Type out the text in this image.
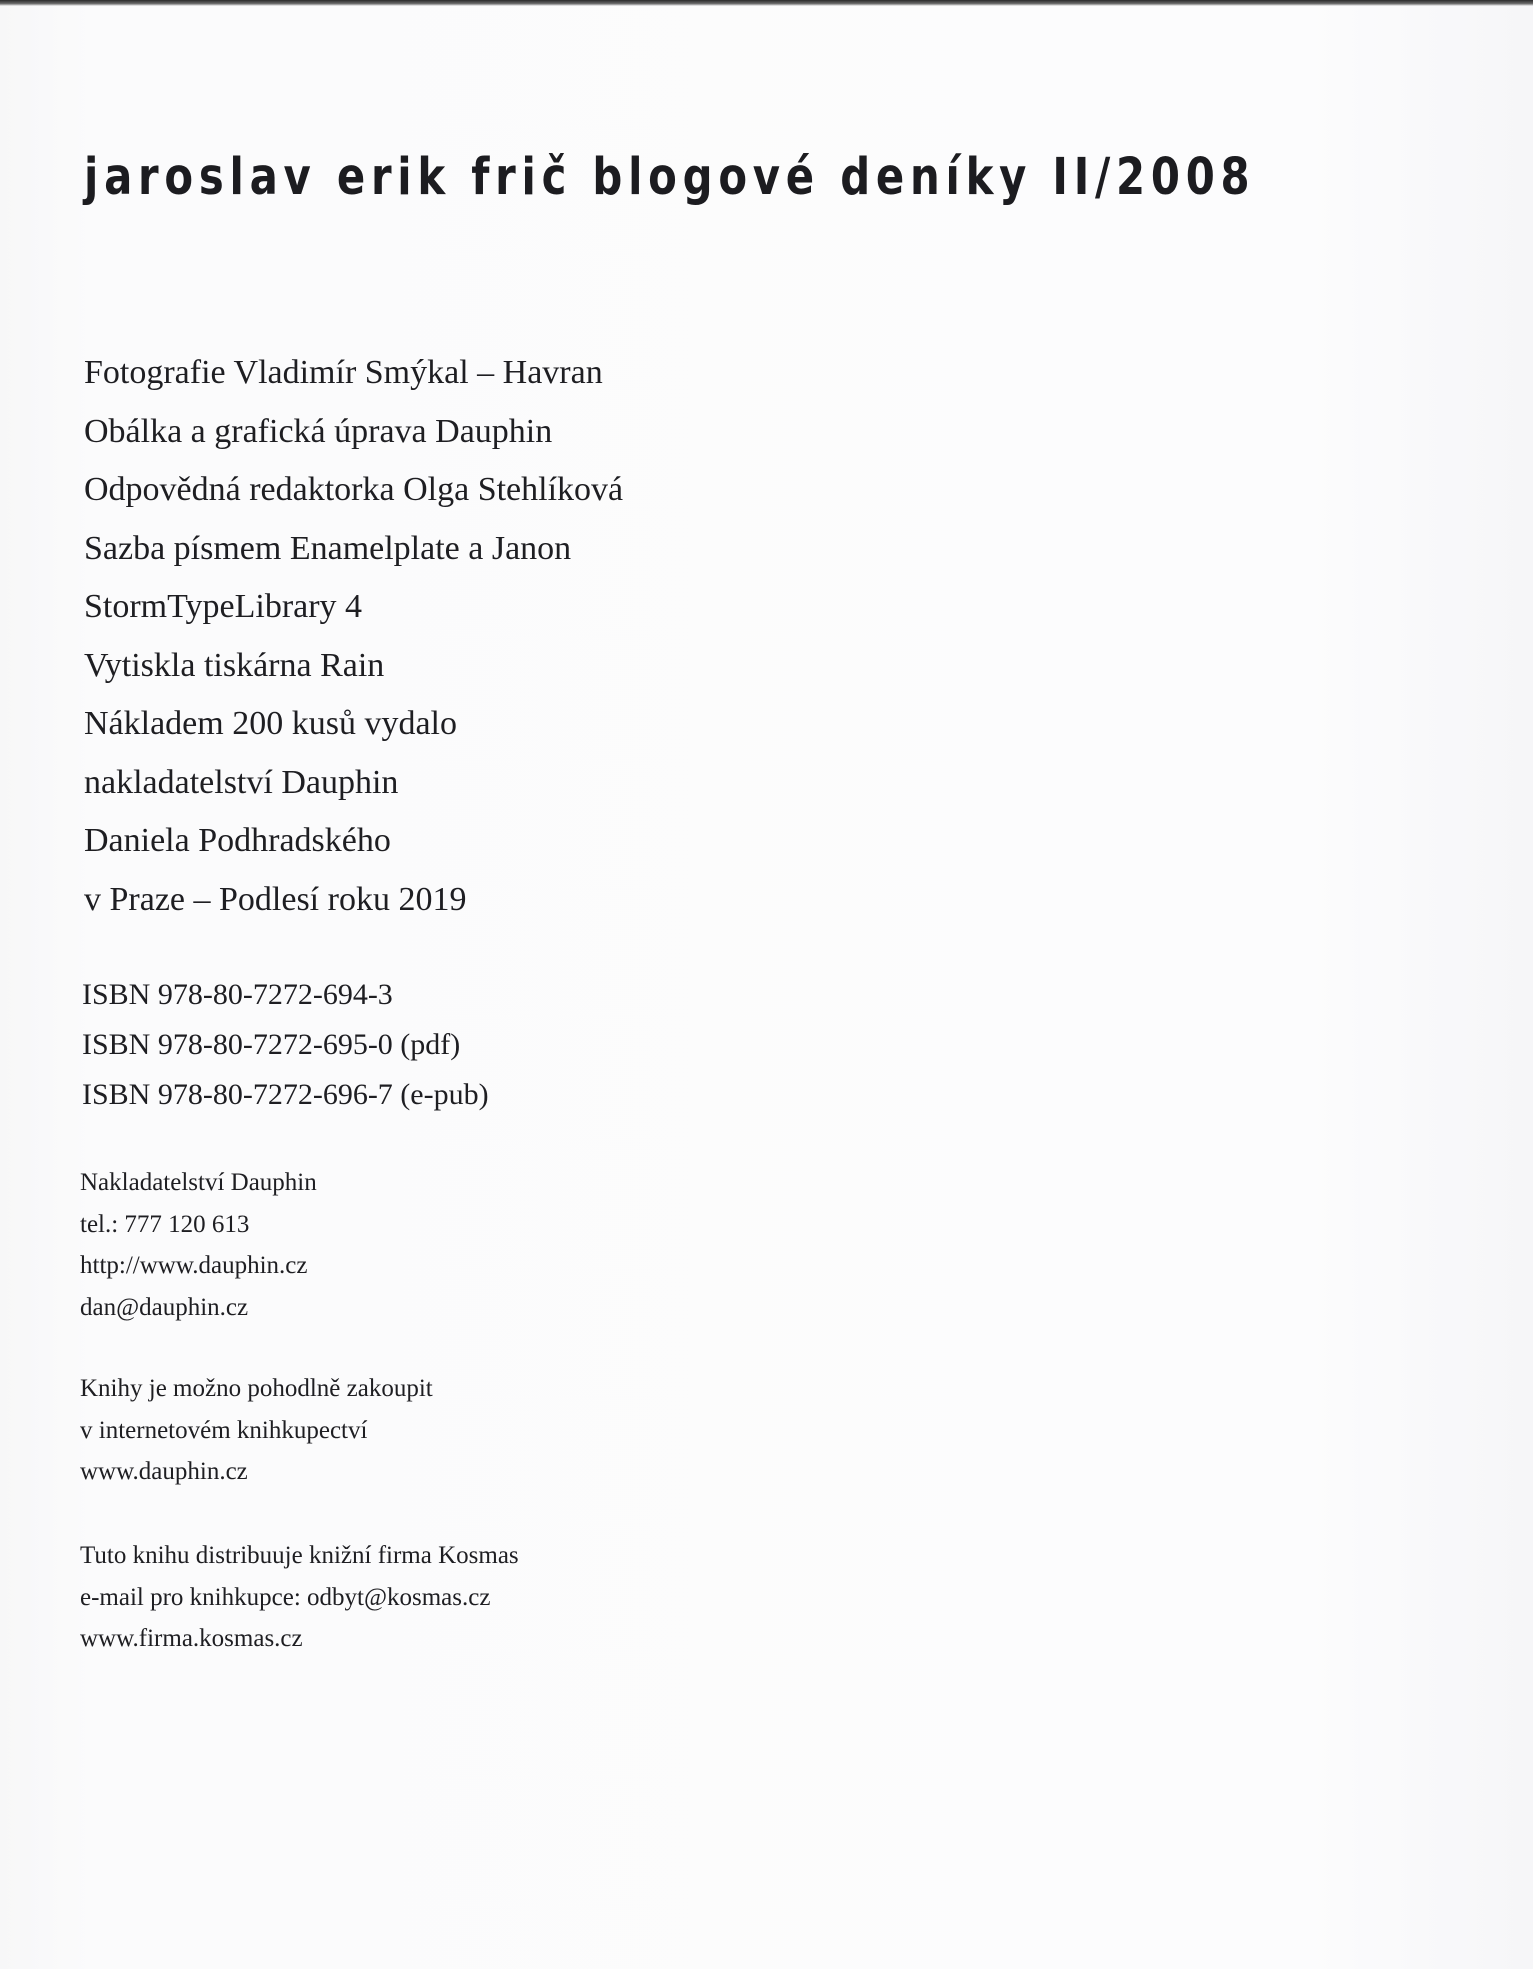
jaroslav erik frič blogové deníky II/2008
Fotografie Vladimír Smýkal – Havran
Obálka a grafická úprava Dauphin
Odpovědná redaktorka Olga Stehlíková
Sazba písmem Enamelplate a Janon
StormTypeLibrary 4
Vytiskla tiskárna Rain
Nákladem 200 kusů vydalo
nakladatelství Dauphin
Daniela Podhradského
v Praze – Podlesí roku 2019
ISBN 978-80-7272-694-3
ISBN 978-80-7272-695-0 (pdf)
ISBN 978-80-7272-696-7 (e-pub)
Nakladatelství Dauphin
tel.: 777 120 613
http://www.dauphin.cz
dan@dauphin.cz
Knihy je možno pohodlně zakoupit
v internetovém knihkupectví
www.dauphin.cz
Tuto knihu distribuuje knižní firma Kosmas
e-mail pro knihkupce: odbyt@kosmas.cz
www.firma.kosmas.cz
